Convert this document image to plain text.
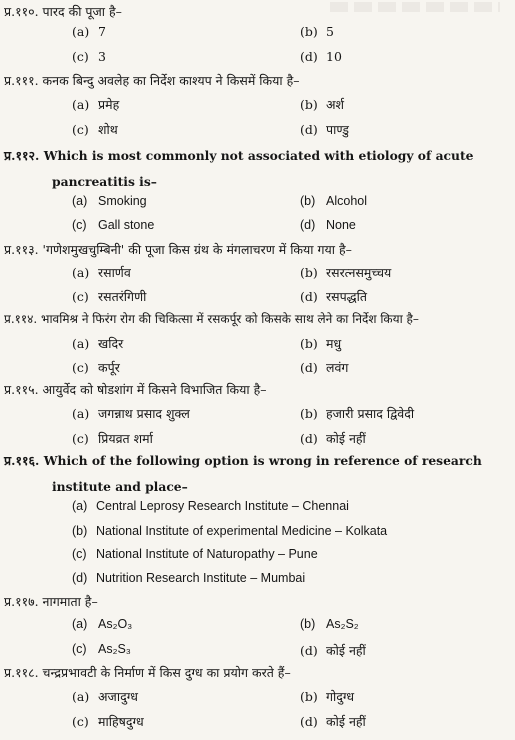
प्र.११०. पारद की पूजा है–
(a) 7	(b) 5
(c) 3	(d) 10
प्र.१११. कनक बिन्दु अवलेह का निर्देश काश्यप ने किसमें किया है–
(a) प्रमेह	(b) अर्श
(c) शोथ	(d) पाण्डु
प्र.११२. Which is most commonly not associated with etiology of acute
pancreatitis is–
(a) Smoking	(b) Alcohol
(c) Gall stone	(d) None
प्र.११३. 'गणेशमुखचुम्बिनी' की पूजा किस ग्रंथ के मंगलाचरण में किया गया है–
(a) रसार्णव	(b) रसरत्नसमुच्चय
(c) रसतरंगिणी	(d) रसपद्धति
प्र.११४. भावमिश्र ने फिरंग रोग की चिकित्सा में रसकर्पूर को किसके साथ लेने का निर्देश किया है–
(a) खदिर	(b) मधु
(c) कर्पूर	(d) लवंग
प्र.११५. आयुर्वेद को षोडशांग में किसने विभाजित किया है–
(a) जगन्नाथ प्रसाद शुक्ल	(b) हजारी प्रसाद द्विवेदी
(c) प्रियव्रत शर्मा	(d) कोई नहीं
प्र.११६. Which of the following option is wrong in reference of research
institute and place–
(a) Central Leprosy Research Institute – Chennai
(b) National Institute of experimental Medicine – Kolkata
(c) National Institute of Naturopathy – Pune
(d) Nutrition Research Institute – Mumbai
प्र.११७. नागमाता है–
(a) As₂O₃	(b) As₂S₂
(c) As₂S₃	(d) कोई नहीं
प्र.११८. चन्द्रप्रभावटी के निर्माण में किस दुग्ध का प्रयोग करते हैं–
(a) अजादुग्ध	(b) गोदुग्ध
(c) माहिषदुग्ध	(d) कोई नहीं
